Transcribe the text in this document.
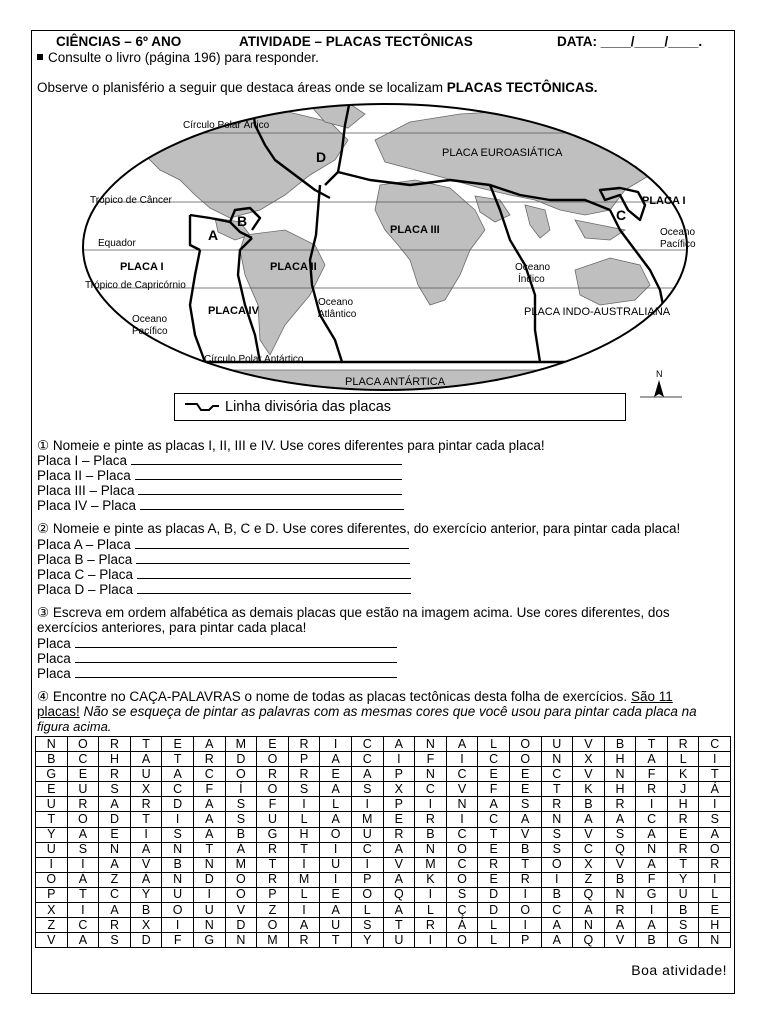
CIÊNCIAS – 6º ANO	ATIVIDADE – PLACAS TECTÔNICAS	DATA: ____/____/____.
Consulte o livro (página 196) para responder.
Observe o planisfério a seguir que destaca áreas onde se localizam PLACAS TECTÔNICAS.
Círculo Polar Ártico
Trópico de Câncer
Equador
Trópico de Capricórnio
Oceano
Pacífico
Oceano
Atlântico
Oceano
Índico
Oceano
Pacífico
Círculo Polar Antártico
PLACA EUROASIÁTICA
PLACA I
PLACA I
PLACA II
PLACA III
PLACA IV	PLACA INDO-AUSTRALIANA
PLACA ANTÁRTICA
A
B	C
D
N
Linha divisória das placas
① Nomeie e pinte as placas I, II, III e IV. Use cores diferentes para pintar cada placa!
Placa I – Placa
Placa II – Placa
Placa III – Placa
Placa IV – Placa
② Nomeie e pinte as placas A, B, C e D. Use cores diferentes, do exercício anterior, para pintar cada placa!
Placa A – Placa
Placa B – Placa
Placa C – Placa
Placa D – Placa
③ Escreva em ordem alfabética as demais placas que estão na imagem acima. Use cores diferentes, dos
exercícios anteriores, para pintar cada placa!
Placa
Placa
Placa
④ Encontre no CAÇA-PALAVRAS o nome de todas as placas tectônicas desta folha de exercícios. São 11
placas! Não se esqueça de pintar as palavras com as mesmas cores que você usou para pintar cada placa na
figura acima.
N	O	R	T	E	A	M	E	R	I	C	A	N	A	L	O	U	V	B	T	R	C
B	C	H	A	T	R	D	O	P	A	C	I	F	I	C	O	N	X	H	A	L	I
G	E	R	U	A	C	O	R	R	E	A	P	N	C	E	E	C	V	N	F	K	T
E	U	S	X	C	F	Í	O	S	A	S	X	C	V	F	E	T	K	H	R	J	Á
U	R	A	R	D	A	S	F	I	L	I	P	I	N	A	S	R	B	R	I	H	I
T	O	D	T	I	A	S	U	L	A	M	E	R	I	C	A	N	A	A	C	R	S
Y	A	E	I	S	A	B	G	H	O	U	R	B	C	T	V	S	V	S	A	E	A
U	S	N	A	N	T	Á	R	T	I	C	A	N	O	E	B	S	C	Q	N	R	O
I	I	A	V	B	N	M	T	I	U	I	V	M	C	R	T	O	X	V	A	T	R
O	Á	Z	Á	N	D	O	R	M	I	P	A	K	O	E	R	I	Z	B	F	Y	I
P	T	C	Y	U	I	O	P	L	E	O	Q	I	S	D	I	B	Q	N	G	U	L
X	I	A	B	O	U	V	Z	I	A	L	A	L	Ç	D	O	C	A	R	I	B	E
Z	C	R	X	I	N	D	O	A	U	S	T	R	Á	L	I	A	N	A	A	S	H
V	A	S	D	F	G	N	M	R	T	Y	U	I	O	L	P	A	Q	V	B	G	N
Boa atividade!
